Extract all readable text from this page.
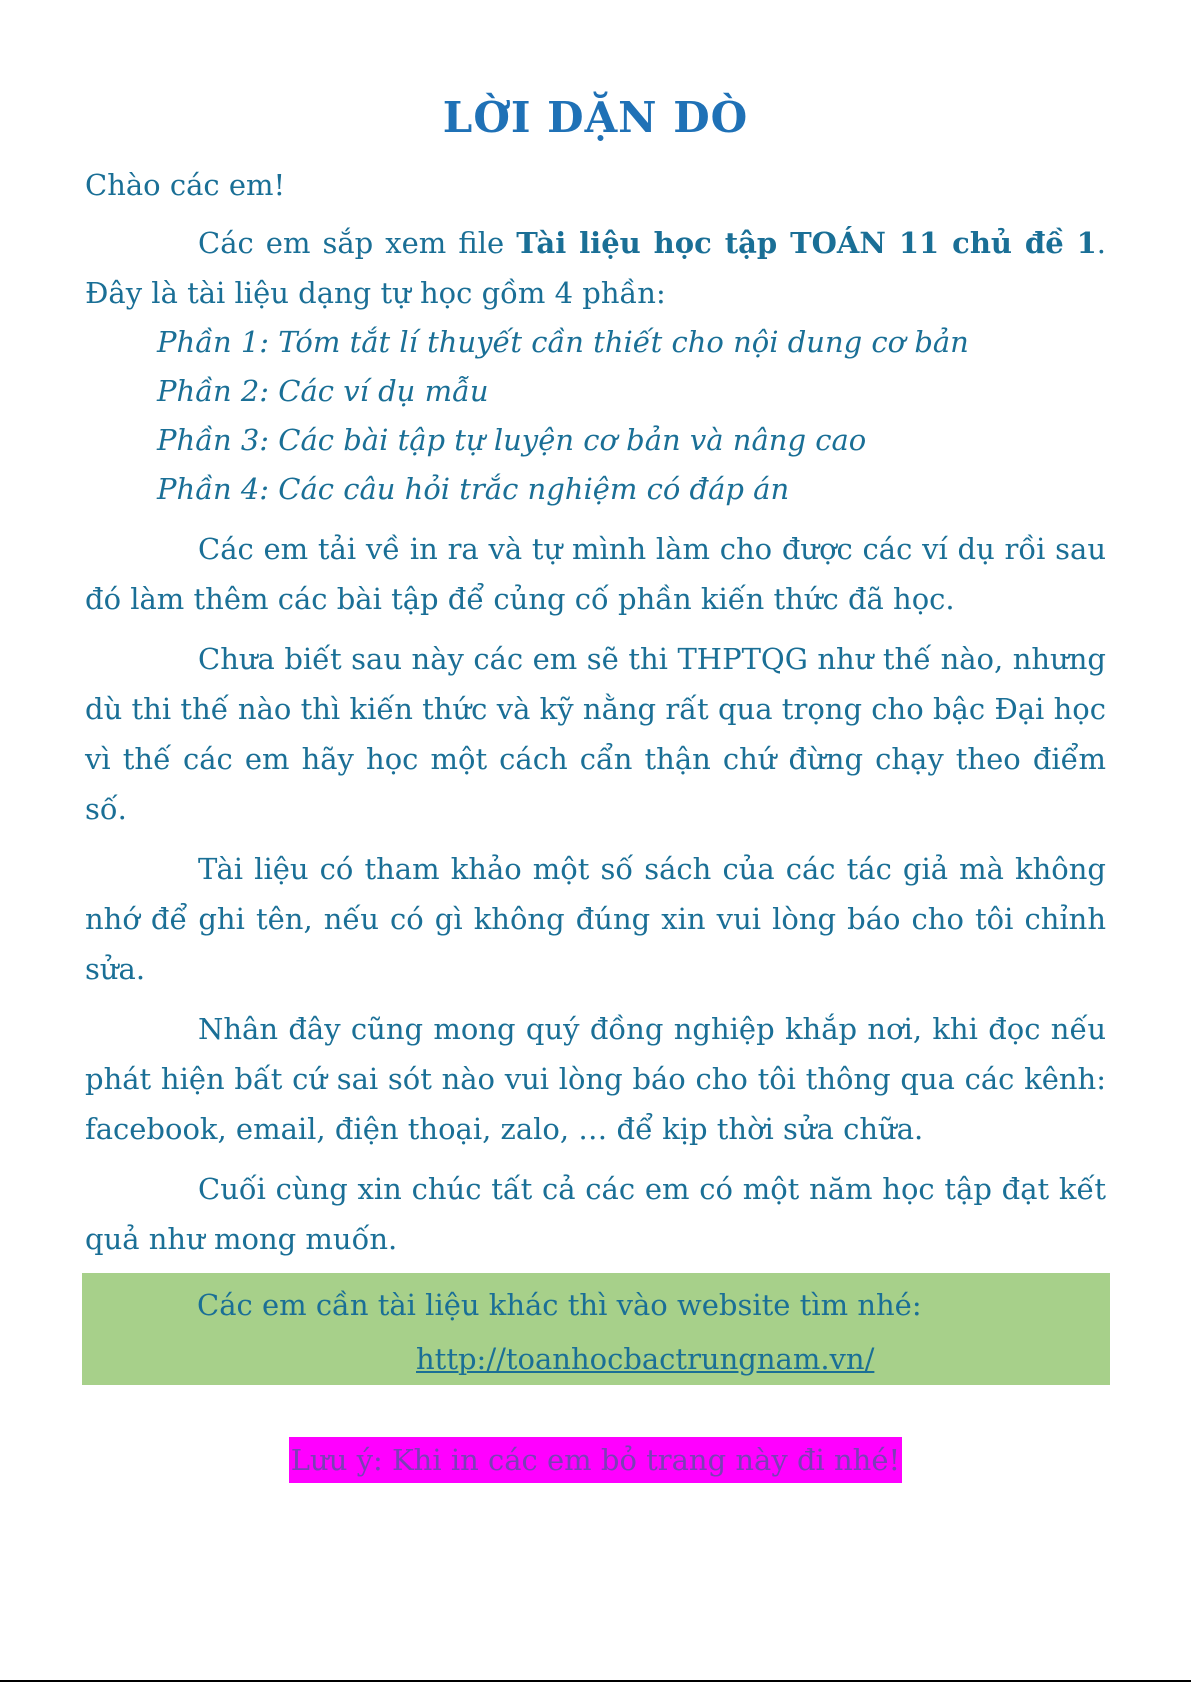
LỜI DẶN DÒ

Chào các em!

Các em sắp xem file Tài liệu học tập TOÁN 11 chủ đề 1. Đây là tài liệu dạng tự học gồm 4 phần:

Phần 1: Tóm tắt lí thuyết cần thiết cho nội dung cơ bản

Phần 2: Các ví dụ mẫu

Phần 3: Các bài tập tự luyện cơ bản và nâng cao

Phần 4: Các câu hỏi trắc nghiệm có đáp án

Các em tải về in ra và tự mình làm cho được các ví dụ rồi sau đó làm thêm các bài tập để củng cố phần kiến thức đã học.

Chưa biết sau này các em sẽ thi THPTQG như thế nào, nhưng dù thi thế nào thì kiến thức và kỹ nằng rất qua trọng cho bậc Đại học vì thế các em hãy học một cách cẩn thận chứ đừng chạy theo điểm số.

Tài liệu có tham khảo một số sách của các tác giả mà không nhớ để ghi tên, nếu có gì không đúng xin vui lòng báo cho tôi chỉnh sửa.

Nhân đây cũng mong quý đồng nghiệp khắp nơi, khi đọc nếu phát hiện bất cứ sai sót nào vui lòng báo cho tôi thông qua các kênh: facebook, email, điện thoại, zalo, … để kịp thời sửa chữa.

Cuối cùng xin chúc tất cả các em có một năm học tập đạt kết quả như mong muốn.

Các em cần tài liệu khác thì vào website tìm nhé:

http://toanhocbactrungnam.vn/
Lưu ý: Khi in các em bỏ trang này đi nhé!
